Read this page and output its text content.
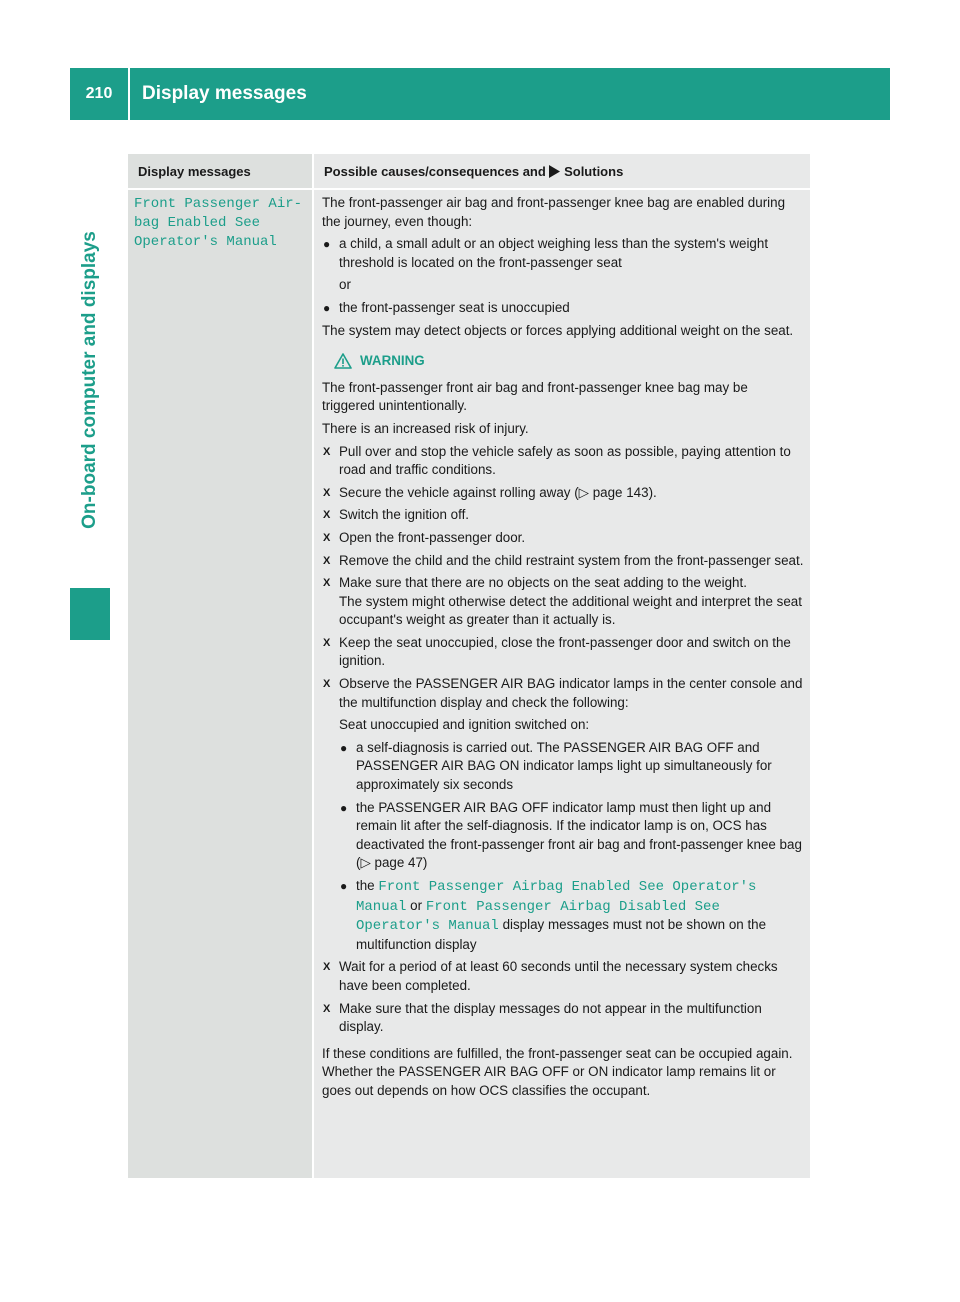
210	Display messages
On-board computer and displays
Display messages	Possible causes/consequences and

Solutions
Front Passenger Air‐ bag Enabled See Operator's Manual

The front-passenger air bag and front-passenger knee bag are enabled during the journey, even though:

● a child, a small adult or an object weighing less than the system's weight threshold is located on the front-passenger seat

or

● the front-passenger seat is unoccupied

The system may detect objects or forces applying additional weight on the seat.

WARNING

The front-passenger front air bag and front-passenger knee bag may be triggered unintentionally.

There is an increased risk of injury.

X Pull over and stop the vehicle safely as soon as possible, paying attention to road and traffic conditions.
X Secure the vehicle against rolling away (▷ page 143).
X Switch the ignition off.
X Open the front-passenger door.
X Remove the child and the child restraint system from the front-passenger seat.
X Make sure that there are no objects on the seat adding to the weight.

The system might otherwise detect the additional weight and interpret the seat occupant's weight as greater than it actually is.

X Keep the seat unoccupied, close the front-passenger door and switch on the ignition.
X Observe the PASSENGER AIR BAG indicator lamps in the center console and the multifunction display and check the following:

Seat unoccupied and ignition switched on:

● a self-diagnosis is carried out. The PASSENGER AIR BAG OFF and PASSENGER AIR BAG ON indicator lamps light up simultaneously for approximately six seconds
● the PASSENGER AIR BAG OFF indicator lamp must then light up and remain lit after the self-diagnosis. If the indicator lamp is on, OCS has deactivated the front-passenger front air bag and front-passenger knee bag (▷ page 47)
● the Front Passenger Airbag Enabled See Operator's Manual or Front Passenger Airbag Disabled See Operator's Manual display messages must not be shown on the multifunction display
X Wait for a period of at least 60 seconds until the necessary system checks have been completed.
X Make sure that the display messages do not appear in the multifunction display.

If these conditions are fulfilled, the front-passenger seat can be occupied again. Whether the PASSENGER AIR BAG OFF or ON indicator lamp remains lit or goes out depends on how OCS classifies the occupant.
